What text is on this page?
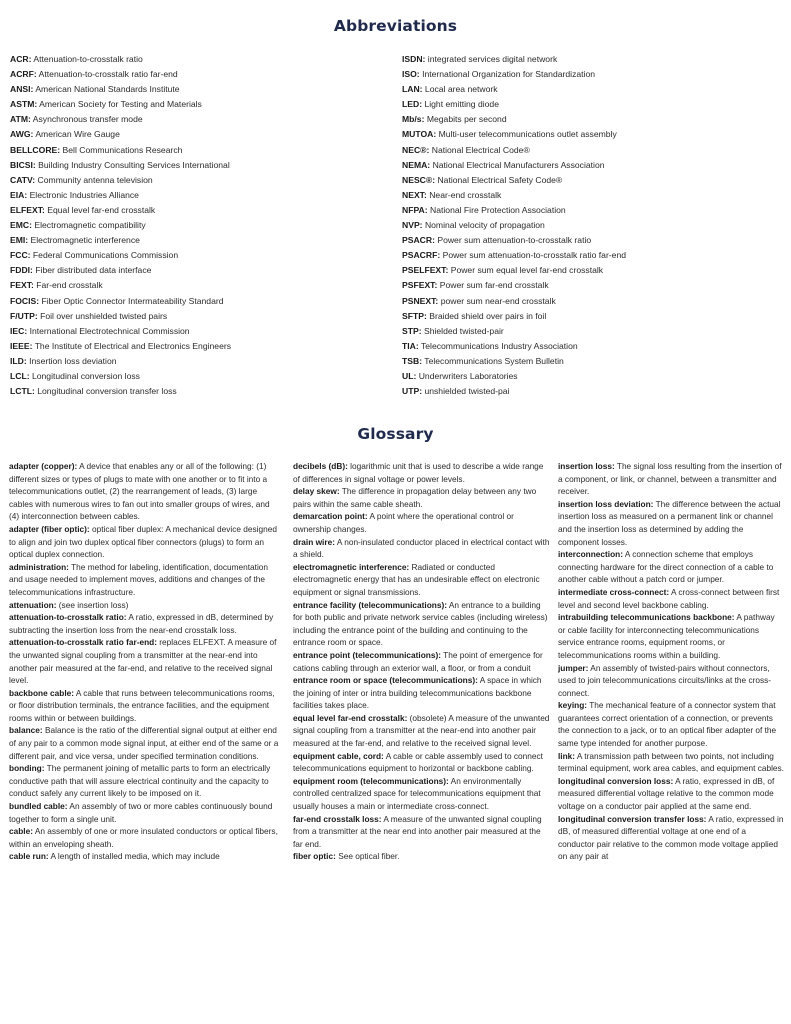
Abbreviations
ACR: Attenuation-to-crosstalk ratio
ACRF: Attenuation-to-crosstalk ratio far-end
ANSI: American National Standards Institute
ASTM: American Society for Testing and Materials
ATM: Asynchronous transfer mode
AWG: American Wire Gauge
BELLCORE: Bell Communications Research
BICSI: Building Industry Consulting Services International
CATV: Community antenna television
EIA: Electronic Industries Alliance
ELFEXT: Equal level far-end crosstalk
EMC: Electromagnetic compatibility
EMI: Electromagnetic interference
FCC: Federal Communications Commission
FDDI: Fiber distributed data interface
FEXT: Far-end crosstalk
FOCIS: Fiber Optic Connector Intermateability Standard
F/UTP: Foil over unshielded twisted pairs
IEC: International Electrotechnical Commission
IEEE: The Institute of Electrical and Electronics Engineers
ILD: Insertion loss deviation
LCL: Longitudinal conversion loss
LCTL: Longitudinal conversion transfer loss
ISDN: integrated services digital network
ISO: International Organization for Standardization
LAN: Local area network
LED: Light emitting diode
Mb/s: Megabits per second
MUTOA: Multi-user telecommunications outlet assembly
NEC®: National Electrical Code®
NEMA: National Electrical Manufacturers Association
NESC®: National Electrical Safety Code®
NEXT: Near-end crosstalk
NFPA: National Fire Protection Association
NVP: Nominal velocity of propagation
PSACR: Power sum attenuation-to-crosstalk ratio
PSACRF: Power sum attenuation-to-crosstalk ratio far-end
PSELFEXT: Power sum equal level far-end crosstalk
PSFEXT: Power sum far-end crosstalk
PSNEXT: power sum near-end crosstalk
SFTP: Braided shield over pairs in foil
STP: Shielded twisted-pair
TIA: Telecommunications Industry Association
TSB: Telecommunications System Bulletin
UL: Underwriters Laboratories
UTP: unshielded twisted-pai
Glossary

adapter (copper): A device that enables any or all of the following: (1) different sizes or types of plugs to mate with one another or to fit into a telecommunications outlet, (2) the rearrangement of leads, (3) large cables with numerous wires to fan out into smaller groups of wires, and (4) interconnection between cables.

adapter (fiber optic): optical fiber duplex: A mechanical device designed to align and join two duplex optical fiber connectors (plugs) to form an optical duplex connection.

administration: The method for labeling, identification, documentation and usage needed to implement moves, additions and changes of the telecommunications infrastructure.

attenuation: (see insertion loss)

attenuation-to-crosstalk ratio: A ratio, expressed in dB, determined by subtracting the insertion loss from the near-end crosstalk loss.

attenuation-to-crosstalk ratio far-end: replaces ELFEXT. A measure of the unwanted signal coupling from a transmitter at the near-end into another pair measured at the far-end, and relative to the received signal level.

backbone cable: A cable that runs between telecommunications rooms, or floor distribution terminals, the entrance facilities, and the equipment rooms within or between buildings.

balance: Balance is the ratio of the differential signal output at either end of any pair to a common mode signal input, at either end of the same or a different pair, and vice versa, under specified termination conditions.

bonding: The permanent joining of metallic parts to form an electrically conductive path that will assure electrical continuity and the capacity to conduct safely any current likely to be imposed on it.

bundled cable: An assembly of two or more cables continuously bound together to form a single unit.

cable: An assembly of one or more insulated conductors or optical fibers, within an enveloping sheath.

cable run: A length of installed media, which may include

decibels (dB): logarithmic unit that is used to describe a wide range of differences in signal voltage or power levels.

delay skew: The difference in propagation delay between any two pairs within the same cable sheath.

demarcation point: A point where the operational control or ownership changes.

drain wire: A non-insulated conductor placed in electrical contact with a shield.

electromagnetic interference: Radiated or conducted electromagnetic energy that has an undesirable effect on electronic equipment or signal transmissions.

entrance facility (telecommunications): An entrance to a building for both public and private network service cables (including wireless) including the entrance point of the building and continuing to the entrance room or space.

entrance point (telecommunications): The point of emergence for cations cabling through an exterior wall, a floor, or from a conduit

entrance room or space (telecommunications): A space in which the joining of inter or intra building telecommunications backbone facilities takes place.

equal level far-end crosstalk: (obsolete) A measure of the unwanted signal coupling from a transmitter at the near-end into another pair measured at the far-end, and relative to the received signal level.

equipment cable, cord: A cable or cable assembly used to connect telecommunications equipment to horizontal or backbone cabling.

equipment room (telecommunications): An environmentally controlled centralized space for telecommunications equipment that usually houses a main or intermediate cross-connect.

far-end crosstalk loss: A measure of the unwanted signal coupling from a transmitter at the near end into another pair measured at the far end.

fiber optic: See optical fiber.

insertion loss: The signal loss resulting from the insertion of a component, or link, or channel, between a transmitter and receiver.

insertion loss deviation: The difference between the actual insertion loss as measured on a permanent link or channel and the insertion loss as determined by adding the component losses.

interconnection: A connection scheme that employs connecting hardware for the direct connection of a cable to another cable without a patch cord or jumper.

intermediate cross-connect: A cross-connect between first level and second level backbone cabling.

intrabuilding telecommunications backbone: A pathway or cable facility for interconnecting telecommunications service entrance rooms, equipment rooms, or telecommunications rooms within a building.

jumper: An assembly of twisted-pairs without connectors, used to join telecommunications circuits/links at the cross-connect.

keying: The mechanical feature of a connector system that guarantees correct orientation of a connection, or prevents the connection to a jack, or to an optical fiber adapter of the same type intended for another purpose.

link: A transmission path between two points, not including terminal equipment, work area cables, and equipment cables.

longitudinal conversion loss: A ratio, expressed in dB, of measured differential voltage relative to the common mode voltage on a conductor pair applied at the same end.

longitudinal conversion transfer loss: A ratio, expressed in dB, of measured differential voltage at one end of a conductor pair relative to the common mode voltage applied on any pair at
